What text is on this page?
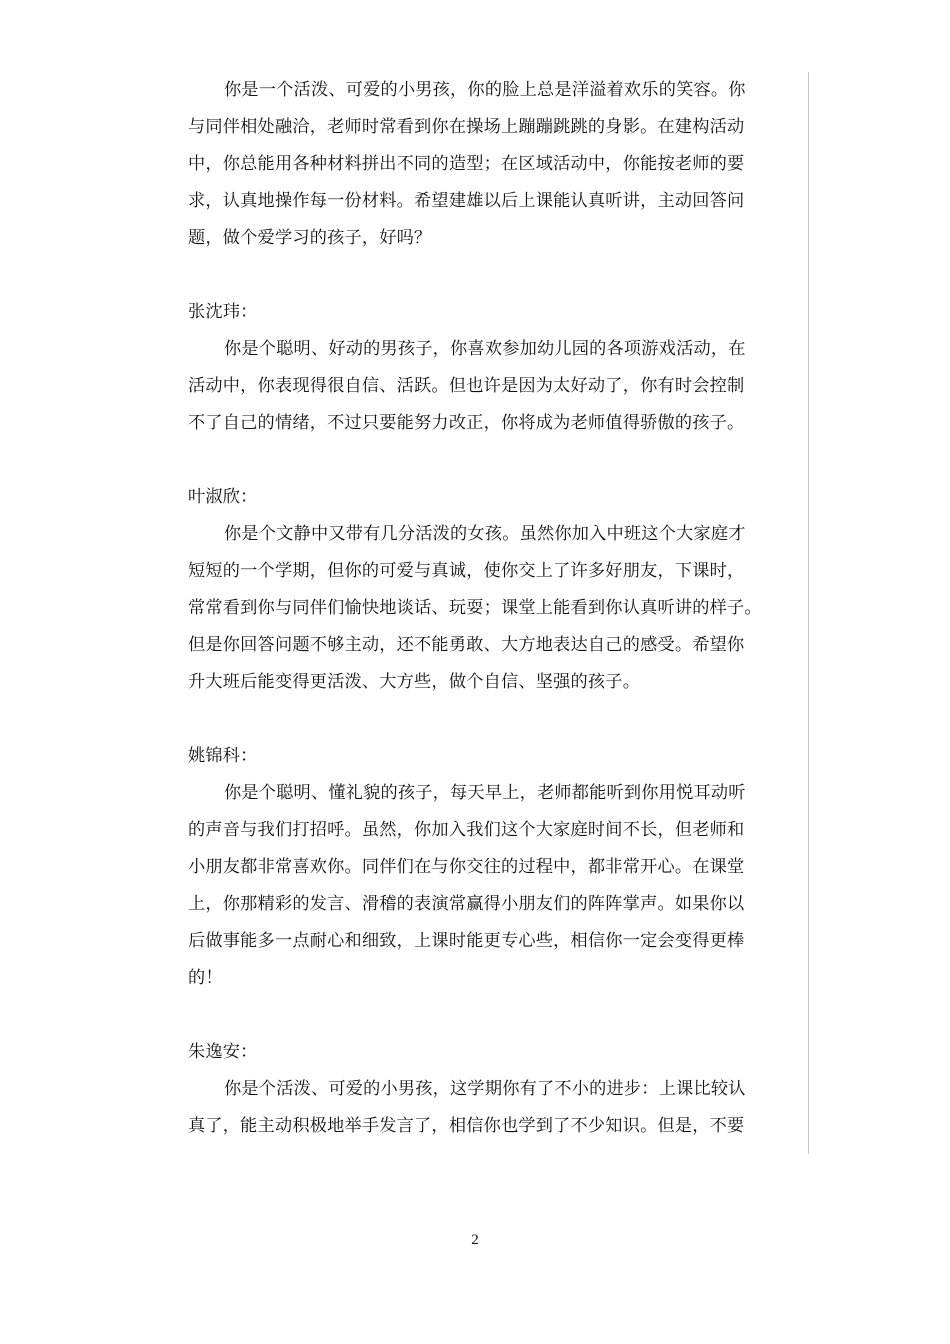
你是一个活泼、可爱的小男孩，你的脸上总是洋溢着欢乐的笑容。你
与同伴相处融洽，老师时常看到你在操场上蹦蹦跳跳的身影。在建构活动
中，你总能用各种材料拼出不同的造型；在区域活动中，你能按老师的要
求，认真地操作每一份材料。希望建雄以后上课能认真听讲，主动回答问
题，做个爱学习的孩子，好吗？
张沈玮：
你是个聪明、好动的男孩子，你喜欢参加幼儿园的各项游戏活动，在
活动中，你表现得很自信、活跃。但也许是因为太好动了，你有时会控制
不了自己的情绪，不过只要能努力改正，你将成为老师值得骄傲的孩子。
叶淑欣：
你是个文静中又带有几分活泼的女孩。虽然你加入中班这个大家庭才
短短的一个学期，但你的可爱与真诚，使你交上了许多好朋友，下课时，
常常看到你与同伴们愉快地谈话、玩耍；课堂上能看到你认真听讲的样子。
但是你回答问题不够主动，还不能勇敢、大方地表达自己的感受。希望你
升大班后能变得更活泼、大方些，做个自信、坚强的孩子。
姚锦科：
你是个聪明、懂礼貌的孩子，每天早上，老师都能听到你用悦耳动听
的声音与我们打招呼。虽然，你加入我们这个大家庭时间不长，但老师和
小朋友都非常喜欢你。同伴们在与你交往的过程中，都非常开心。在课堂
上，你那精彩的发言、滑稽的表演常赢得小朋友们的阵阵掌声。如果你以
后做事能多一点耐心和细致，上课时能更专心些，相信你一定会变得更棒
的！
朱逸安：
你是个活泼、可爱的小男孩，这学期你有了不小的进步：上课比较认
真了，能主动积极地举手发言了，相信你也学到了不少知识。但是，不要
2
